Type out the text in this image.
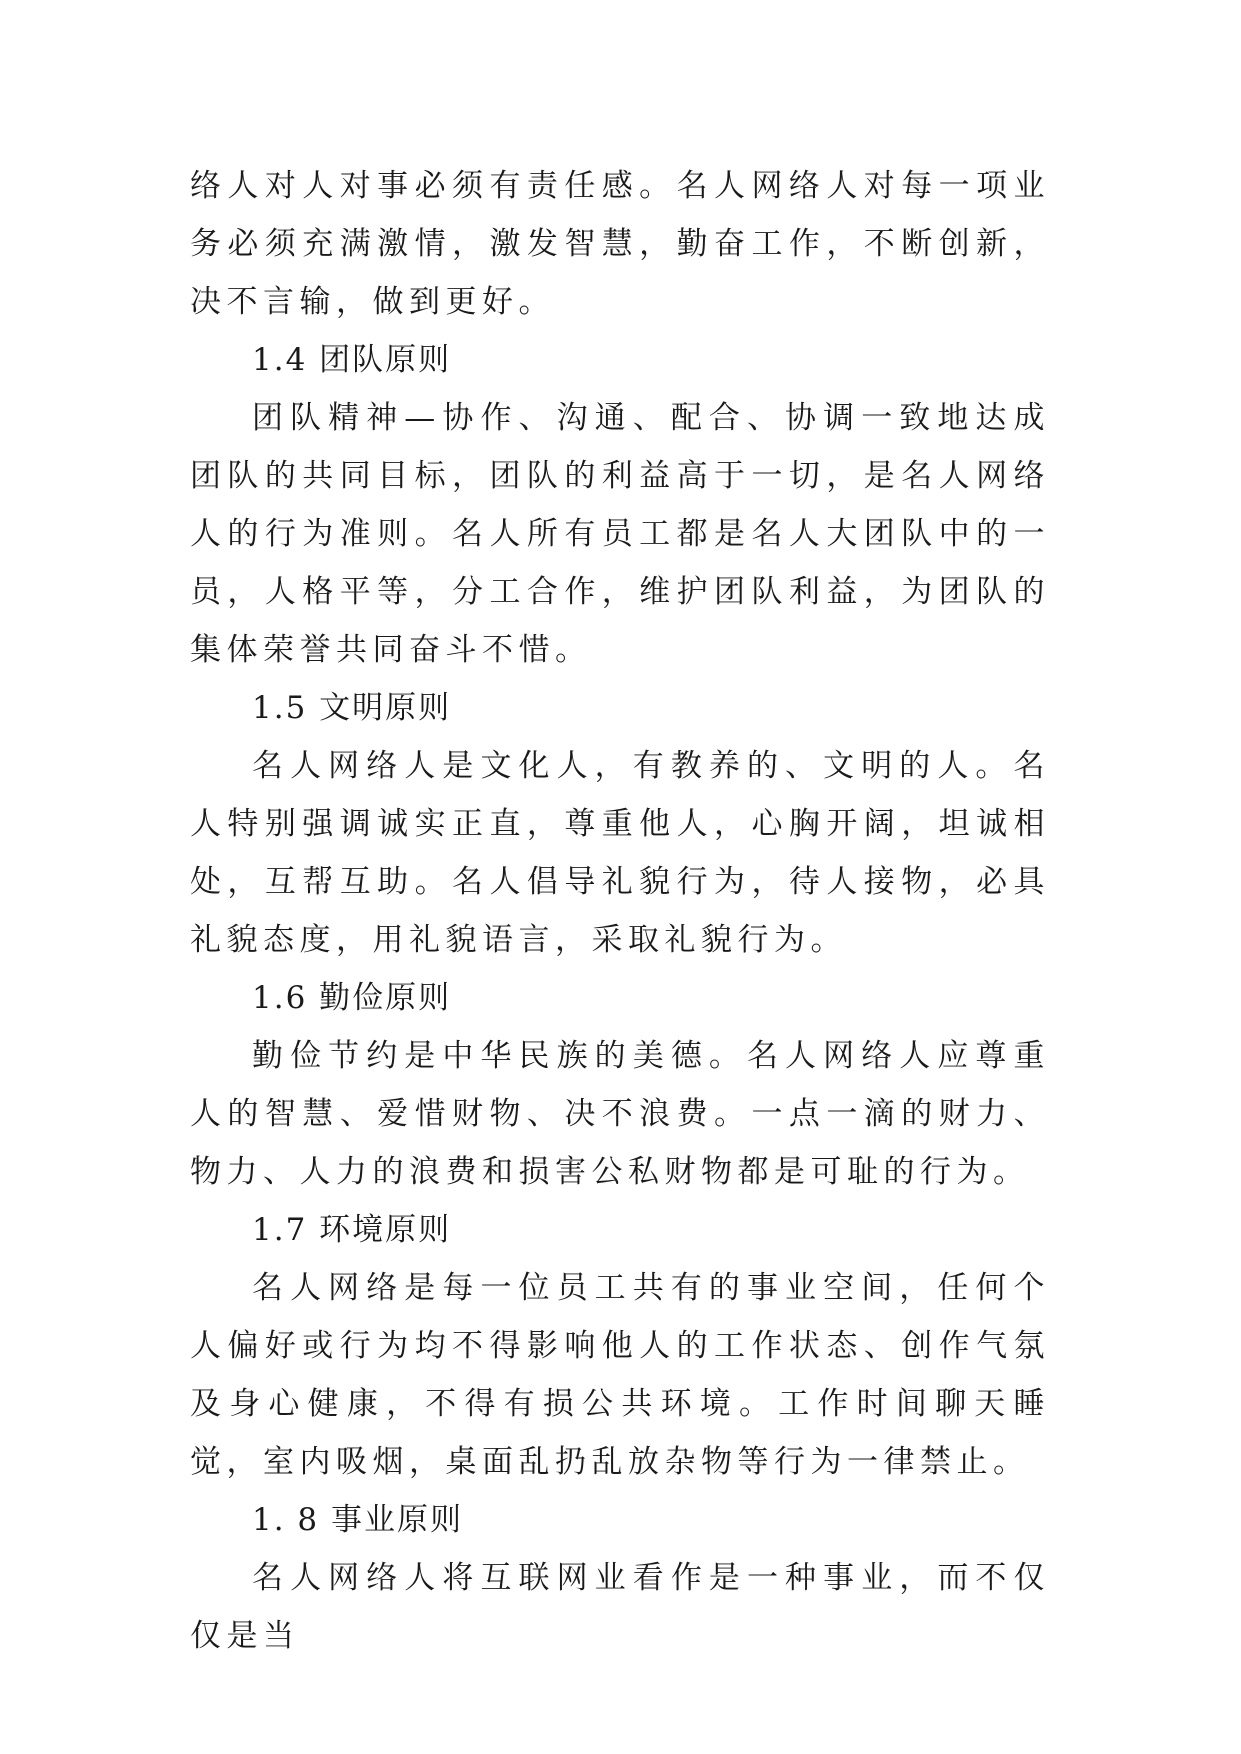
络人对人对事必须有责任感。名人网络人对每一项业务必须充满激情，激发智慧，勤奋工作，不断创新，决不言输，做到更好。

1.4 团队原则

团队精神—协作、沟通、配合、协调一致地达成团队的共同目标，团队的利益高于一切，是名人网络人的行为准则。名人所有员工都是名人大团队中的一员，人格平等，分工合作，维护团队利益，为团队的集体荣誉共同奋斗不惜。

1.5 文明原则

名人网络人是文化人，有教养的、文明的人。名人特别强调诚实正直，尊重他人，心胸开阔，坦诚相处，互帮互助。名人倡导礼貌行为，待人接物，必具礼貌态度，用礼貌语言，采取礼貌行为。

1.6 勤俭原则

勤俭节约是中华民族的美德。名人网络人应尊重人的智慧、爱惜财物、决不浪费。一点一滴的财力、物力、人力的浪费和损害公私财物都是可耻的行为。

1.7 环境原则

名人网络是每一位员工共有的事业空间，任何个人偏好或行为均不得影响他人的工作状态、创作气氛及身心健康，不得有损公共环境。工作时间聊天睡觉，室内吸烟，桌面乱扔乱放杂物等行为一律禁止。

1. 8 事业原则

名人网络人将互联网业看作是一种事业，而不仅仅是当
